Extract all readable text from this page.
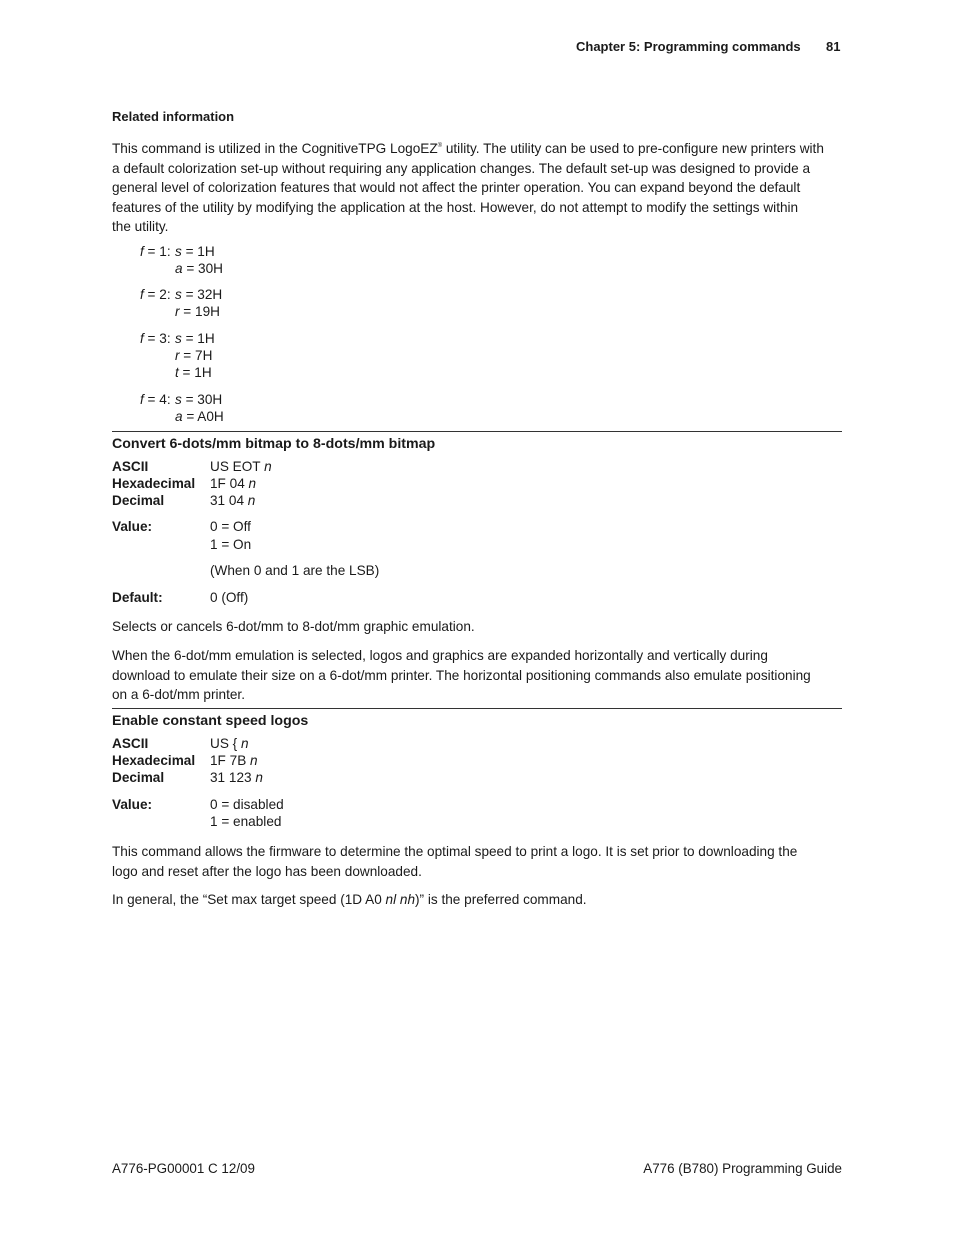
Chapter 5: Programming commands 81
Related information
This command is utilized in the CognitiveTPG LogoEZ® utility. The utility can be used to pre-configure new printers with
a default colorization set-up without requiring any application changes. The default set-up was designed to provide a
general level of colorization features that would not affect the printer operation. You can expand beyond the default
features of the utility by modifying the application at the host. However, do not attempt to modify the settings within
the utility.
f = 1: s = 1H
a = 30H
f = 2: s = 32H
r = 19H
f = 3: s = 1H
r = 7H
t = 1H
f = 4: s = 30H
a = A0H
Convert 6-dots/mm bitmap to 8-dots/mm bitmap
ASCII	US EOT n
Hexadecimal 1F 04 n
Decimal	31 04 n
Value:	0 = Off
1 = On
(When 0 and 1 are the LSB)
Default:	0 (Off)
Selects or cancels 6-dot/mm to 8-dot/mm graphic emulation.
When the 6-dot/mm emulation is selected, logos and graphics are expanded horizontally and vertically during
download to emulate their size on a 6-dot/mm printer. The horizontal positioning commands also emulate positioning
on a 6-dot/mm printer.
Enable constant speed logos
ASCII	US { n
Hexadecimal 1F 7B n
Decimal	31 123 n
Value:	0 = disabled
1 = enabled
This command allows the firmware to determine the optimal speed to print a logo. It is set prior to downloading the
logo and reset after the logo has been downloaded.
In general, the “Set max target speed (1D A0 nl nh)” is the preferred command.
A776-PG00001 C 12/09	A776 (B780) Programming Guide
